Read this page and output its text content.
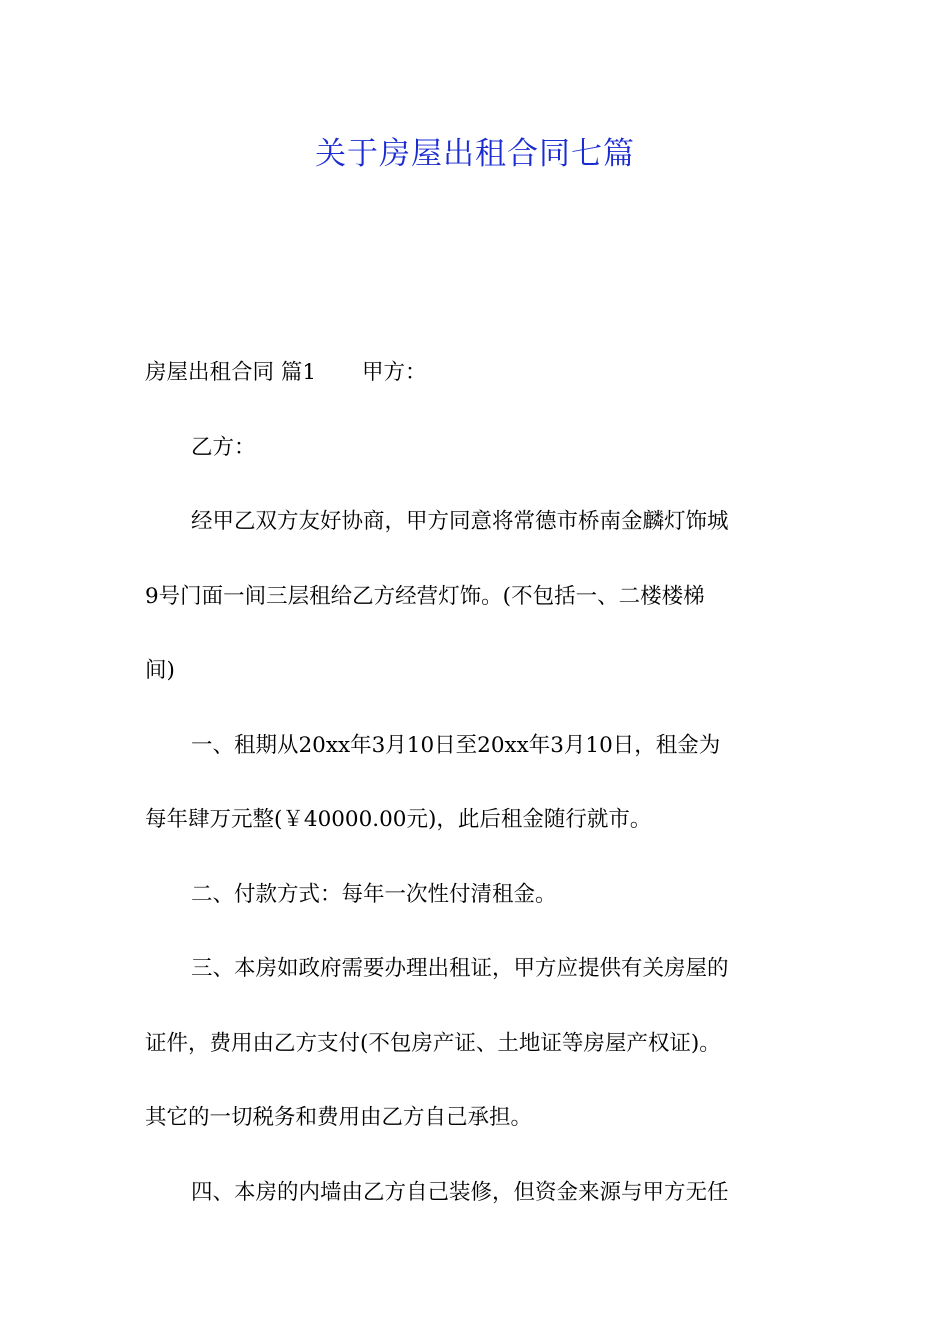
关于房屋出租合同七篇
房屋出租合同 篇1 甲方：
乙方：
经甲乙双方友好协商，甲方同意将常德市桥南金麟灯饰城
9号门面一间三层租给乙方经营灯饰。(不包括一、二楼楼梯
间)
一、租期从20xx年3月10日至20xx年3月10日，租金为
每年肆万元整(￥40000.00元)，此后租金随行就市。
二、付款方式：每年一次性付清租金。
三、本房如政府需要办理出租证，甲方应提供有关房屋的
证件，费用由乙方支付(不包房产证、土地证等房屋产权证)。
其它的一切税务和费用由乙方自己承担。
四、本房的内墙由乙方自己装修，但资金来源与甲方无任
